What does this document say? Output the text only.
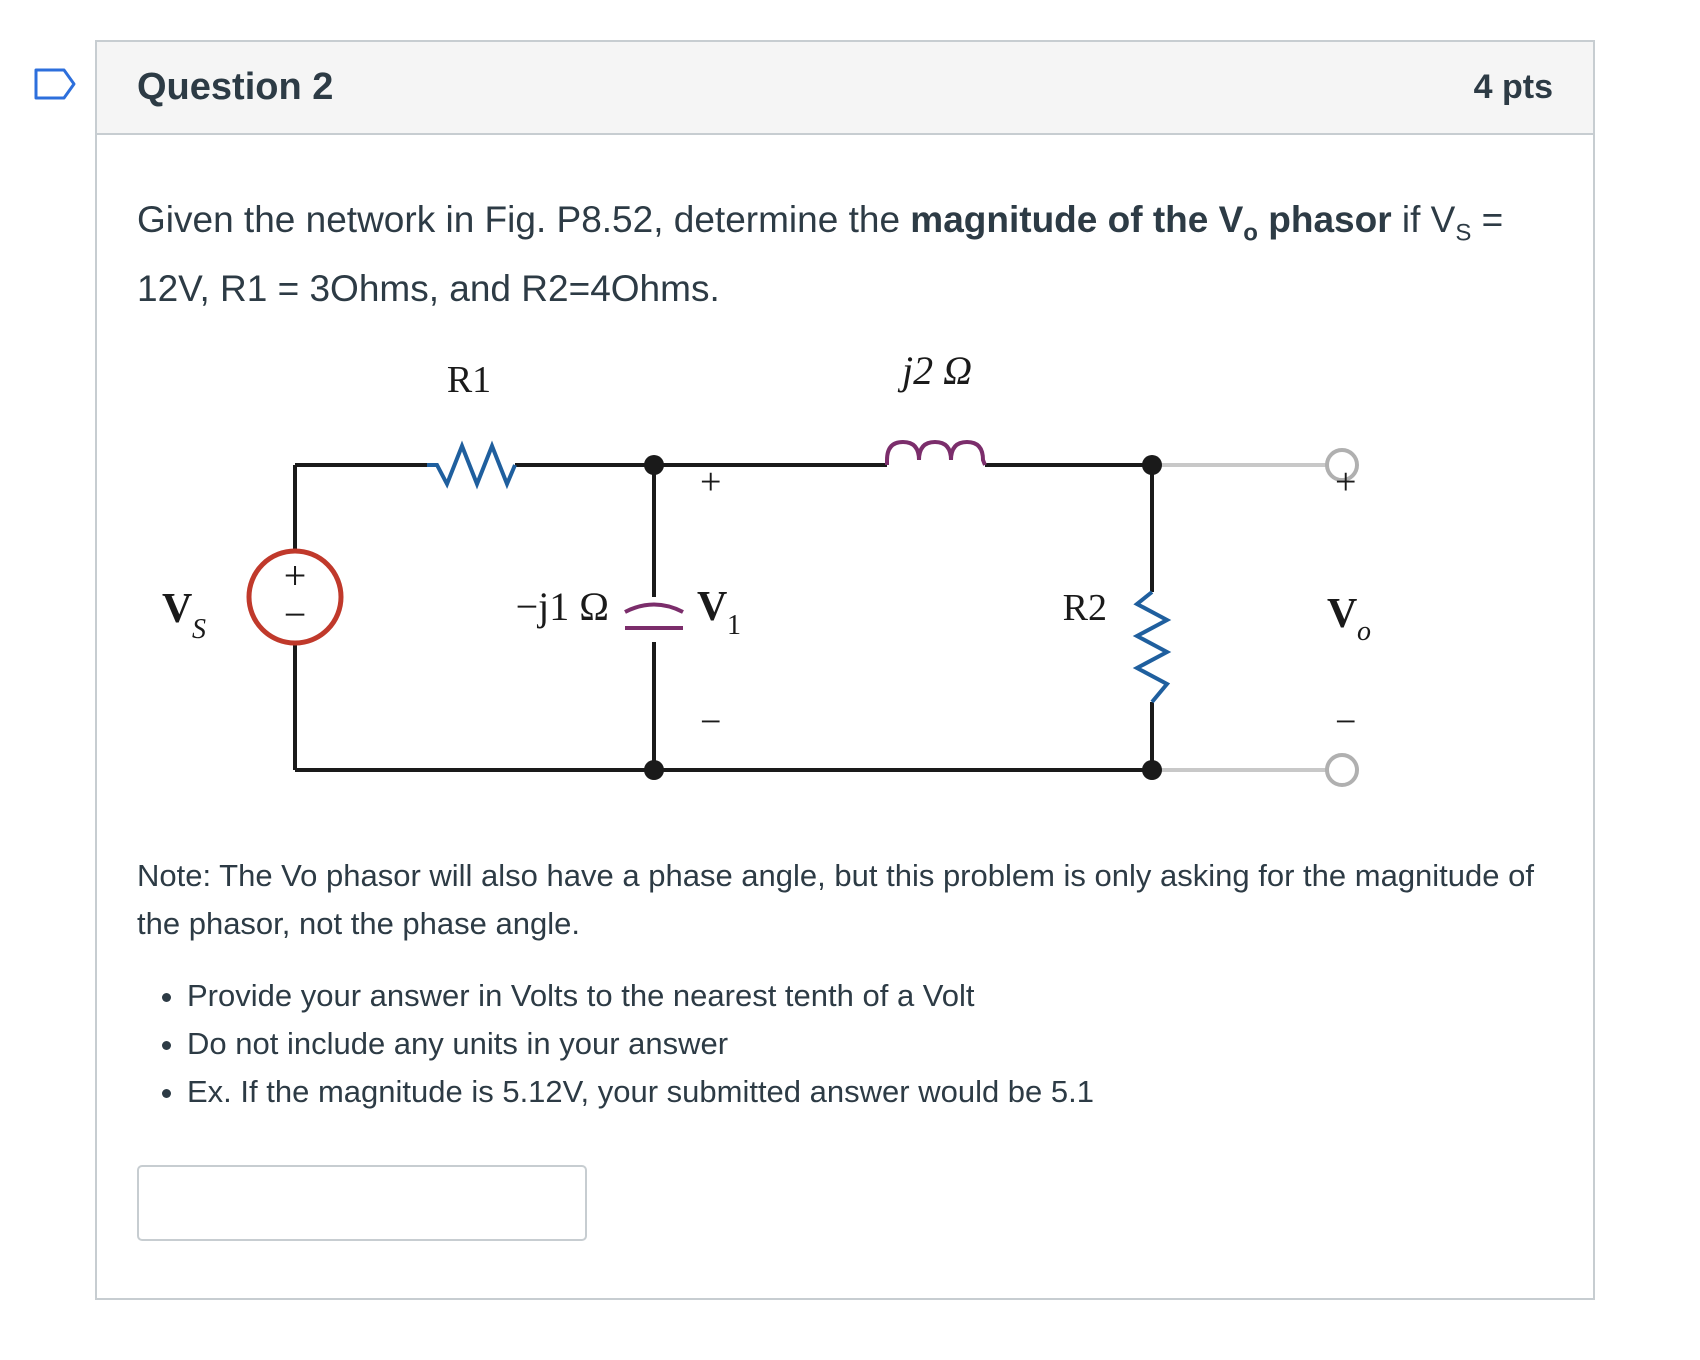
Question 2	4 pts
Given the network in Fig. P8.52, determine the magnitude of the $V_o$ phasor if $V_S = 12V$, R1 = 3Ohms, and R2=4Ohms.
+
−
R1	j2 Ω
−j1 Ω	R2
V 1
+
−
V S	V o
+
−
Note: The Vo phasor will also have a phase angle, but this problem is only asking for the magnitude of the phasor, not the phase angle.
• Provide your answer in Volts to the nearest tenth of a Volt
• Do not include any units in your answer
• Ex. If the magnitude is 5.12V, your submitted answer would be 5.1
